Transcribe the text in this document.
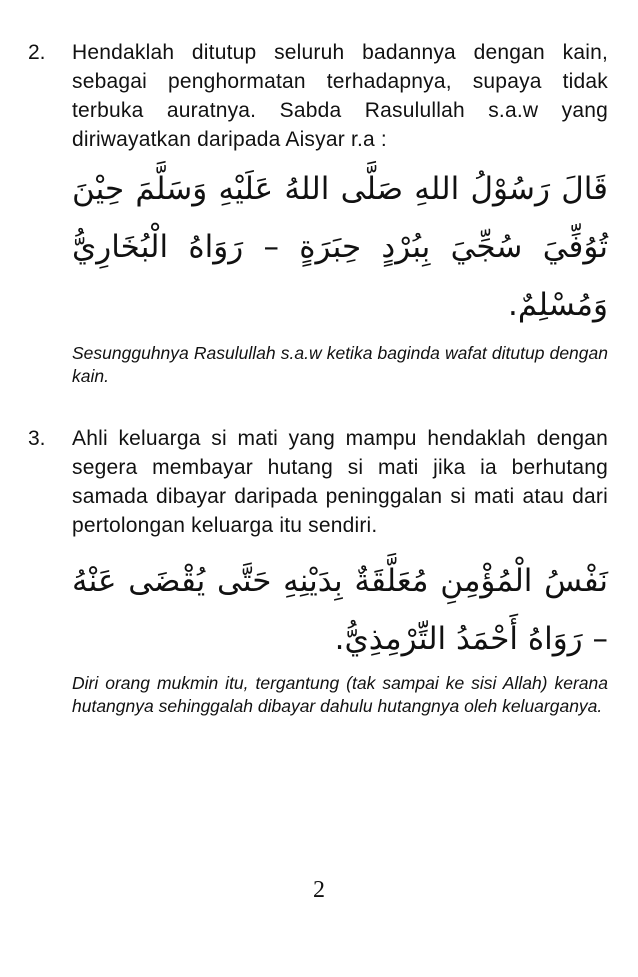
2.	Hendaklah ditutup seluruh badannya dengan kain, sebagai penghormatan terhadapnya, supaya tidak terbuka auratnya. Sabda Rasulullah s.a.w yang diriwayatkan daripada Aisyar r.a :

قَالَ رَسُوْلُ اللهِ صَلَّى اللهُ عَلَيْهِ وَسَلَّمَ حِيْنَ تُوُفِّيَ سُجِّيَ بِبُرْدٍ حِبَرَةٍ – رَوَاهُ الْبُخَارِيُّ وَمُسْلِمٌ.

Sesungguhnya Rasulullah s.a.w ketika baginda wafat ditutup dengan kain.

3.	Ahli keluarga si mati yang mampu hendaklah dengan segera membayar hutang si mati jika ia berhutang samada dibayar daripada peninggalan si mati atau dari pertolongan keluarga itu sendiri.

نَفْسُ الْمُؤْمِنِ مُعَلَّقَةٌ بِدَيْنِهِ حَتَّى يُقْضَى عَنْهُ – رَوَاهُ أَحْمَدُ التِّرْمِذِيُّ.

Diri orang mukmin itu, tergantung (tak sampai ke sisi Allah) kerana hutangnya sehinggalah dibayar dahulu hutangnya oleh keluarganya.

2
